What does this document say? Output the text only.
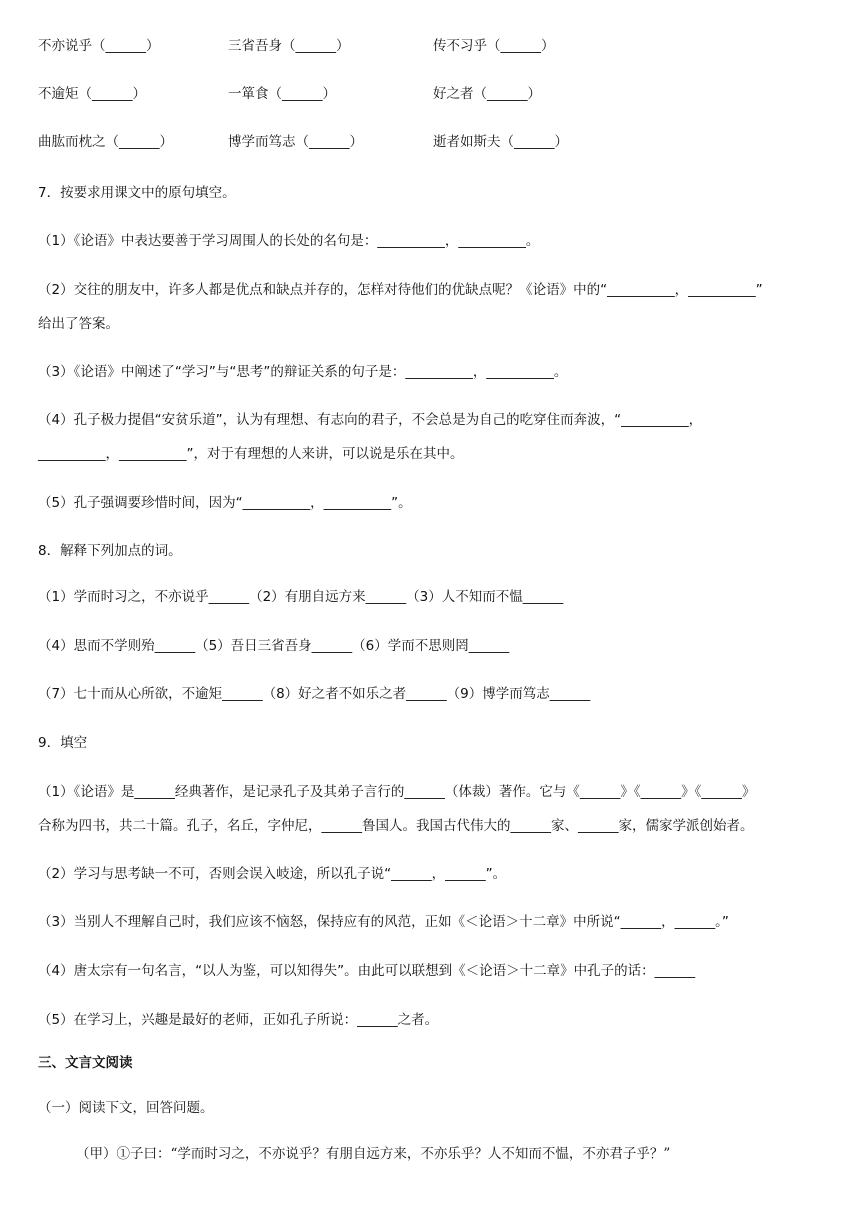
不亦说乎（______）	三省吾身（______）	传不习乎（______）
不逾矩（______）	一箪食（______）	好之者（______）
曲肱而枕之（______）	博学而笃志（______）	逝者如斯夫（______）
7．按要求用课文中的原句填空。
（1）《论语》中表达要善于学习周围人的长处的名句是：__________，__________。
（2）交往的朋友中，许多人都是优点和缺点并存的，怎样对待他们的优缺点呢？《论语》中的“__________，__________”
给出了答案。
（3）《论语》中阐述了“学习”与“思考”的辩证关系的句子是：__________，__________。
（4）孔子极力提倡“安贫乐道”，认为有理想、有志向的君子，不会总是为自己的吃穿住而奔波，“__________，
__________，__________”，对于有理想的人来讲，可以说是乐在其中。
（5）孔子强调要珍惜时间，因为“__________，__________”。
8．解释下列加点的词。
（1）学而时习之，不亦说乎______（2）有朋自远方来______（3）人不知而不愠______
（4）思而不学则殆______（5）吾日三省吾身______（6）学而不思则罔______
（7）七十而从心所欲，不逾矩______（8）好之者不如乐之者______（9）博学而笃志______
9．填空
（1）《论语》是______经典著作，是记录孔子及其弟子言行的______（体裁）著作。它与《______》《______》《______》
合称为四书，共二十篇。孔子，名丘，字仲尼，______鲁国人。我国古代伟大的______家、______家，儒家学派创始者。
（2）学习与思考缺一不可，否则会误入岐途，所以孔子说“______，______”。
（3）当别人不理解自己时，我们应该不恼怒，保持应有的风范，正如《＜论语＞十二章》中所说“______，______。”
（4）唐太宗有一句名言，“以人为鉴，可以知得失”。由此可以联想到《＜论语＞十二章》中孔子的话：______
（5）在学习上，兴趣是最好的老师，正如孔子所说：______之者。
三、文言文阅读
（一）阅读下文，回答问题。
（甲）①子曰：“学而时习之，不亦说乎？有朋自远方来，不亦乐乎？人不知而不愠，不亦君子乎？”
